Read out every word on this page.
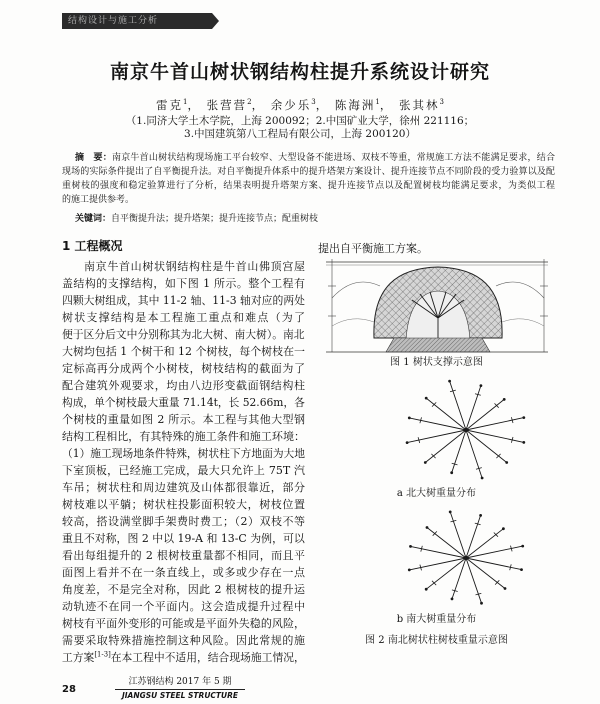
结构设计与施工分析
南京牛首山树状钢结构柱提升系统设计研究
雷克$^1$， 张营营$^2$， 余少乐$^3$， 陈海洲$^1$， 张其林$^3$
（1.同济大学土木学院，上海 200092；2.中国矿业大学，徐州 221116；
3.中国建筑第八工程局有限公司，上海 200120）
摘　要：南京牛首山树状结构现场施工平台较窄、大型设备不能进场、双枝不等重，常规施工方法不能满足要求，结合
现场的实际条件提出了自平衡提升法。对自平衡提升体系中的提升塔架方案设计、提升连接节点不同阶段的受力验算以及配
重树枝的强度和稳定验算进行了分析，结果表明提升塔架方案、提升连接节点以及配置树枝均能满足要求，为类似工程
的施工提供参考。
关键词：自平衡提升法；提升塔架；提升连接节点；配重树枝
1 工程概况
南京牛首山树状钢结构柱是牛首山佛顶宫屋
盖结构的支撑结构，如下图 1 所示。整个工程有
四颗大树组成，其中 11-2 轴、11-3 轴对应的两处
树状支撑结构是本工程施工重点和难点（为了
便于区分后文中分别称其为北大树、南大树）。南北
大树均包括 1 个树干和 12 个树枝，每个树枝在一
定标高再分成两个小树枝，树枝结构的截面为了
配合建筑外观要求，均由八边形变截面钢结构柱
构成，单个树枝最大重量 71.14t，长 52.66m，各
个树枝的重量如图 2 所示。本工程与其他大型钢
结构工程相比，有其特殊的施工条件和施工环境：
（1）施工现场地条件特殊，树状柱下方地面为大地
下室顶板，已经施工完成，最大只允许上 75T 汽
车吊；树状柱和周边建筑及山体都很靠近，部分
树枝难以平躺；树状柱投影面积较大，树枝位置
较高，搭设满堂脚手架费时费工；（2）双枝不等
重且不对称，图 2 中以 19-A 和 13-C 为例，可以
看出每组提升的 2 根树枝重量都不相同，而且平
面图上看并不在一条直线上，或多或少存在一点
角度差，不是完全对称，因此 2 根树枝的提升运
动轨迹不在同一个平面内。这会造成提升过程中
树枝有平面外变形的可能或是平面外失稳的风险，
需要采取特殊措施控制这种风险。因此常规的施
工方案[1-3]在本工程中不适用，结合现场施工情况，
提出自平衡施工方案。
图 1 树状支撑示意图
a 北大树重量分布
b 南大树重量分布
图 2 南北树状柱树枝重量示意图
28
江苏钢结构 2017 年 5 期
JIANGSU STEEL STRUCTURE
